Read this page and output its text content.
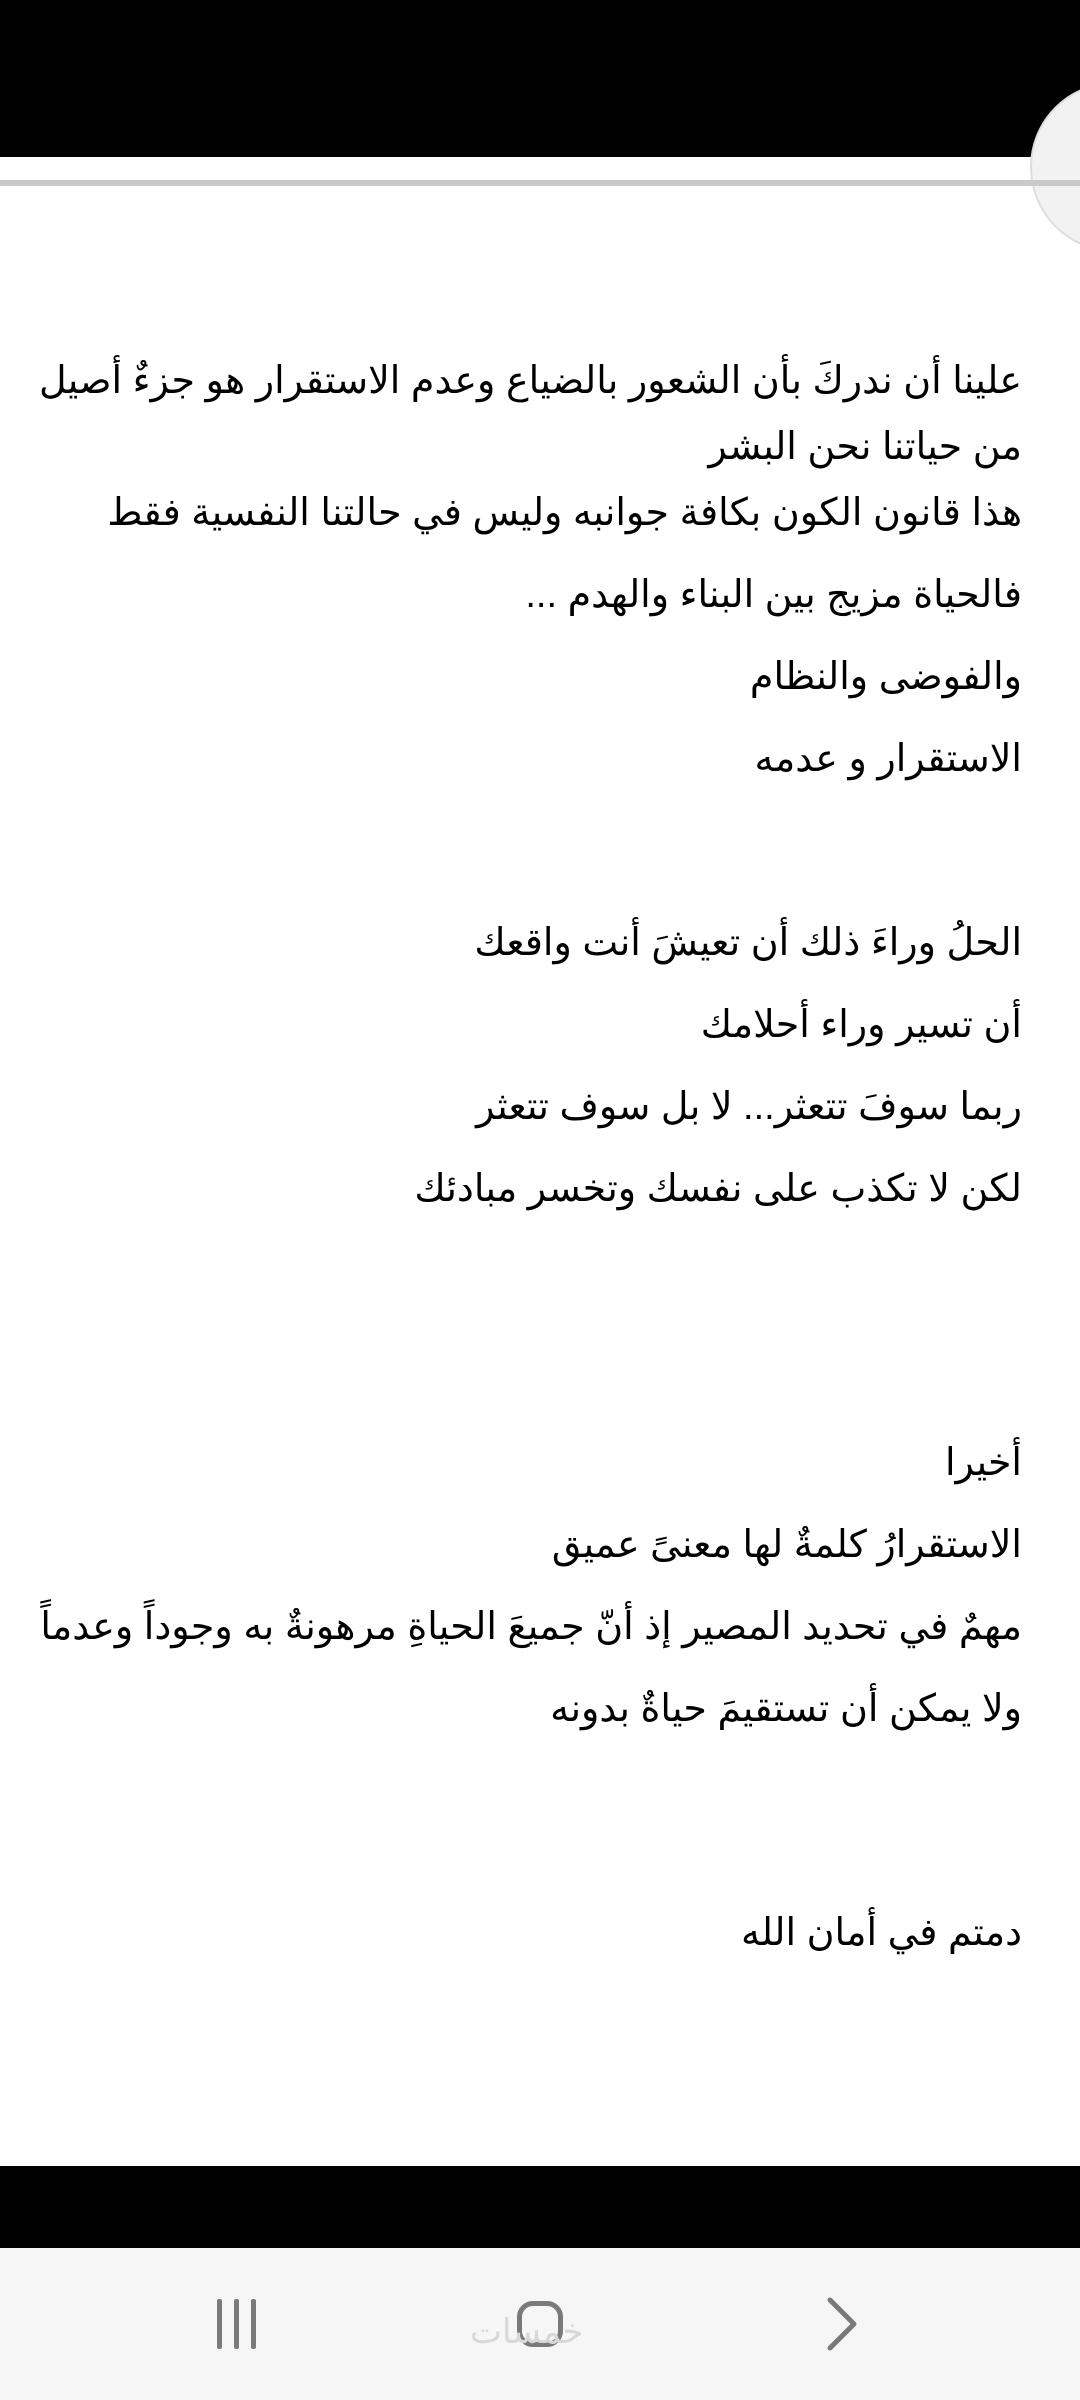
علينا أن ندركَ بأن الشعور بالضياع وعدم الاستقرار هو جزءٌ أصيل من حياتنا نحن البشر

هذا قانون الكون بكافة جوانبه وليس في حالتنا النفسية فقط

فالحياة مزيج بين البناء والهدم ...

والفوضى والنظام

الاستقرار و عدمه

الحلُ وراءَ ذلك أن تعيشَ أنت واقعك

أن تسير وراء أحلامك

ربما سوفَ تتعثر... لا بل سوف تتعثر

لكن لا تكذب على نفسك وتخسر مبادئك

أخيرا

الاستقرارُ كلمةٌ لها معنىً عميق

مهمٌ في تحديد المصير إذ أنّ جميعَ الحياةِ مرهونةٌ به وجوداً وعدماً

ولا يمكن أن تستقيمَ حياةٌ بدونه

دمتم في أمان الله

خمسات
